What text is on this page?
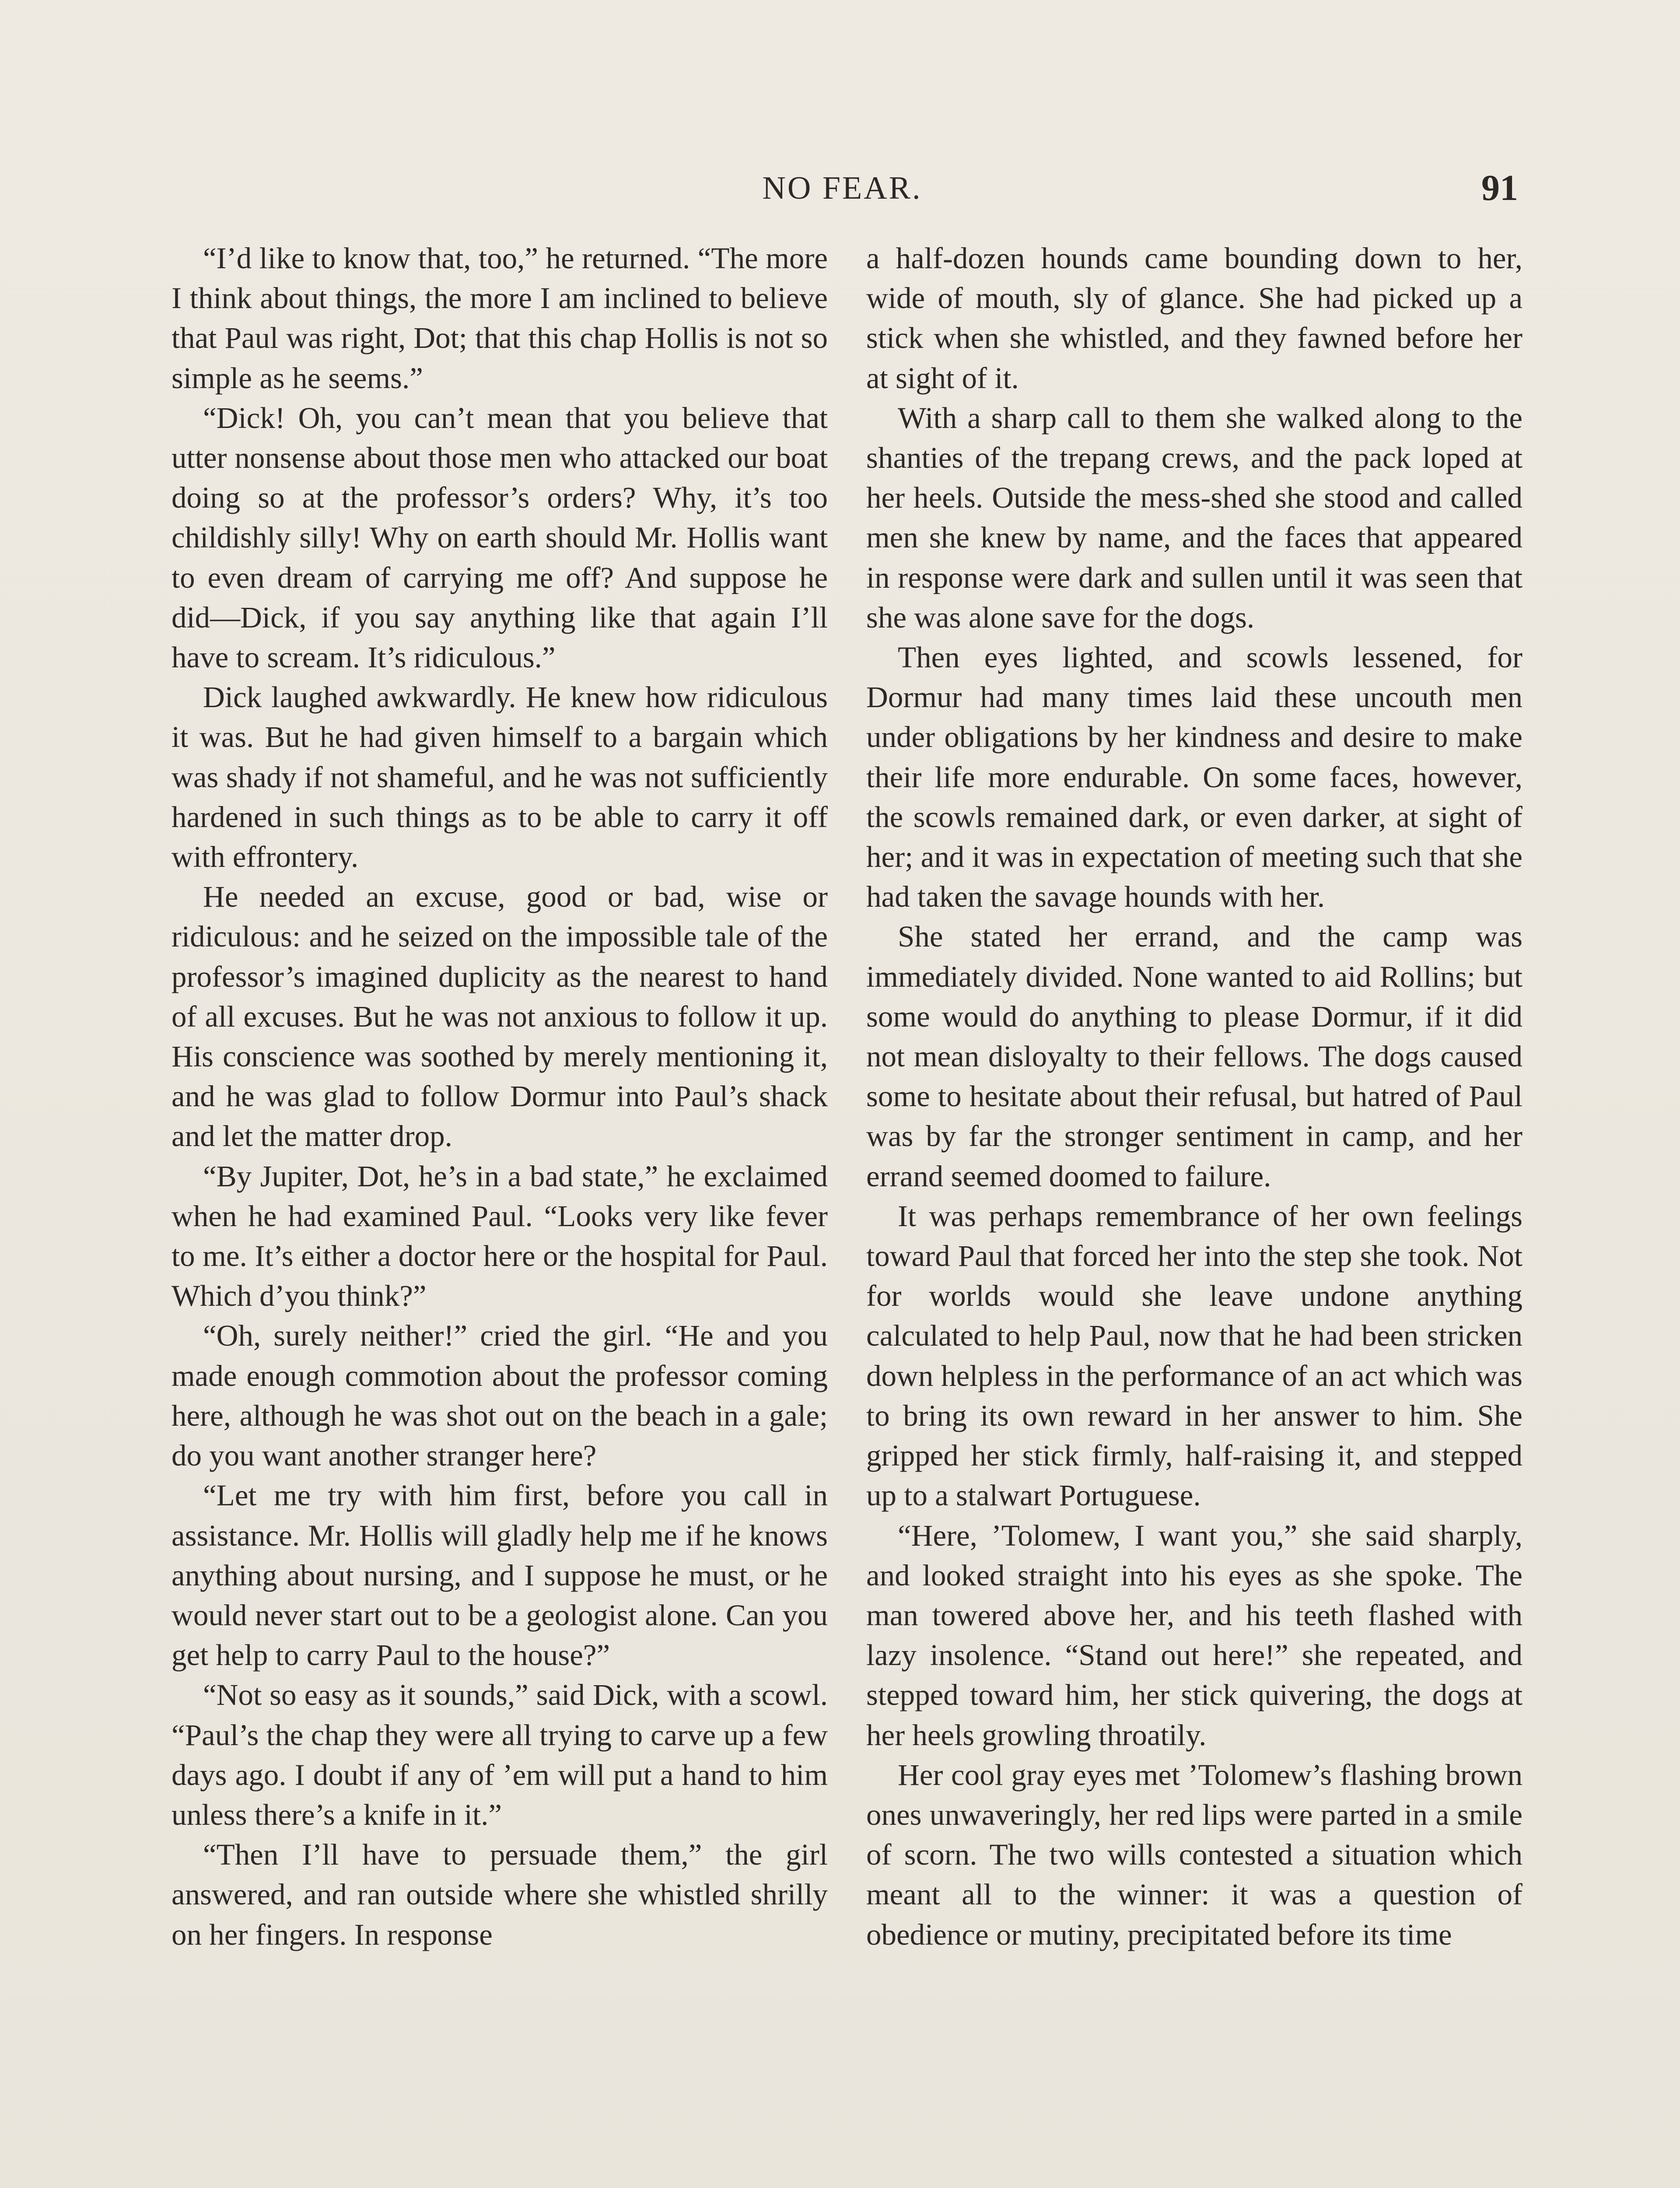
NO FEAR.	91

“I’d like to know that, too,” he returned. “The more I think about things, the more I am inclined to believe that Paul was right, Dot; that this chap Hollis is not so simple as he seems.”

“Dick! Oh, you can’t mean that you believe that utter nonsense about those men who attacked our boat doing so at the professor’s orders? Why, it’s too childishly silly! Why on earth should Mr. Hollis want to even dream of carrying me off? And suppose he did—Dick, if you say anything like that again I’ll have to scream. It’s ridiculous.”

Dick laughed awkwardly. He knew how ridiculous it was. But he had given himself to a bargain which was shady if not shameful, and he was not sufficiently hardened in such things as to be able to carry it off with effrontery.

He needed an excuse, good or bad, wise or ridiculous: and he seized on the impossible tale of the professor’s imagined duplicity as the nearest to hand of all excuses. But he was not anxious to follow it up. His conscience was soothed by merely mentioning it, and he was glad to follow Dormur into Paul’s shack and let the matter drop.

“By Jupiter, Dot, he’s in a bad state,” he exclaimed when he had examined Paul. “Looks very like fever to me. It’s either a doctor here or the hospital for Paul. Which d’you think?”

“Oh, surely neither!” cried the girl. “He and you made enough commotion about the professor coming here, although he was shot out on the beach in a gale; do you want another stranger here?

“Let me try with him first, before you call in assistance. Mr. Hollis will gladly help me if he knows anything about nursing, and I suppose he must, or he would never start out to be a geologist alone. Can you get help to carry Paul to the house?”

“Not so easy as it sounds,” said Dick, with a scowl. “Paul’s the chap they were all trying to carve up a few days ago. I doubt if any of ’em will put a hand to him unless there’s a knife in it.”

“Then I’ll have to persuade them,” the girl answered, and ran outside where she whistled shrilly on her fingers. In response

a half-dozen hounds came bounding down to her, wide of mouth, sly of glance. She had picked up a stick when she whistled, and they fawned before her at sight of it.

With a sharp call to them she walked along to the shanties of the trepang crews, and the pack loped at her heels. Outside the mess-shed she stood and called men she knew by name, and the faces that appeared in response were dark and sullen until it was seen that she was alone save for the dogs.

Then eyes lighted, and scowls lessened, for Dormur had many times laid these uncouth men under obligations by her kindness and desire to make their life more endurable. On some faces, however, the scowls remained dark, or even darker, at sight of her; and it was in expectation of meeting such that she had taken the savage hounds with her.

She stated her errand, and the camp was immediately divided. None wanted to aid Rollins; but some would do anything to please Dormur, if it did not mean disloyalty to their fellows. The dogs caused some to hesitate about their refusal, but hatred of Paul was by far the stronger sentiment in camp, and her errand seemed doomed to failure.

It was perhaps remembrance of her own feelings toward Paul that forced her into the step she took. Not for worlds would she leave undone anything calculated to help Paul, now that he had been stricken down helpless in the performance of an act which was to bring its own reward in her answer to him. She gripped her stick firmly, half-raising it, and stepped up to a stalwart Portuguese.

“Here, ’Tolomew, I want you,” she said sharply, and looked straight into his eyes as she spoke. The man towered above her, and his teeth flashed with lazy insolence. “Stand out here!” she repeated, and stepped toward him, her stick quivering, the dogs at her heels growling throatily.

Her cool gray eyes met ’Tolomew’s flashing brown ones unwaveringly, her red lips were parted in a smile of scorn. The two wills contested a situation which meant all to the winner: it was a question of obedience or mutiny, precipitated before its time
